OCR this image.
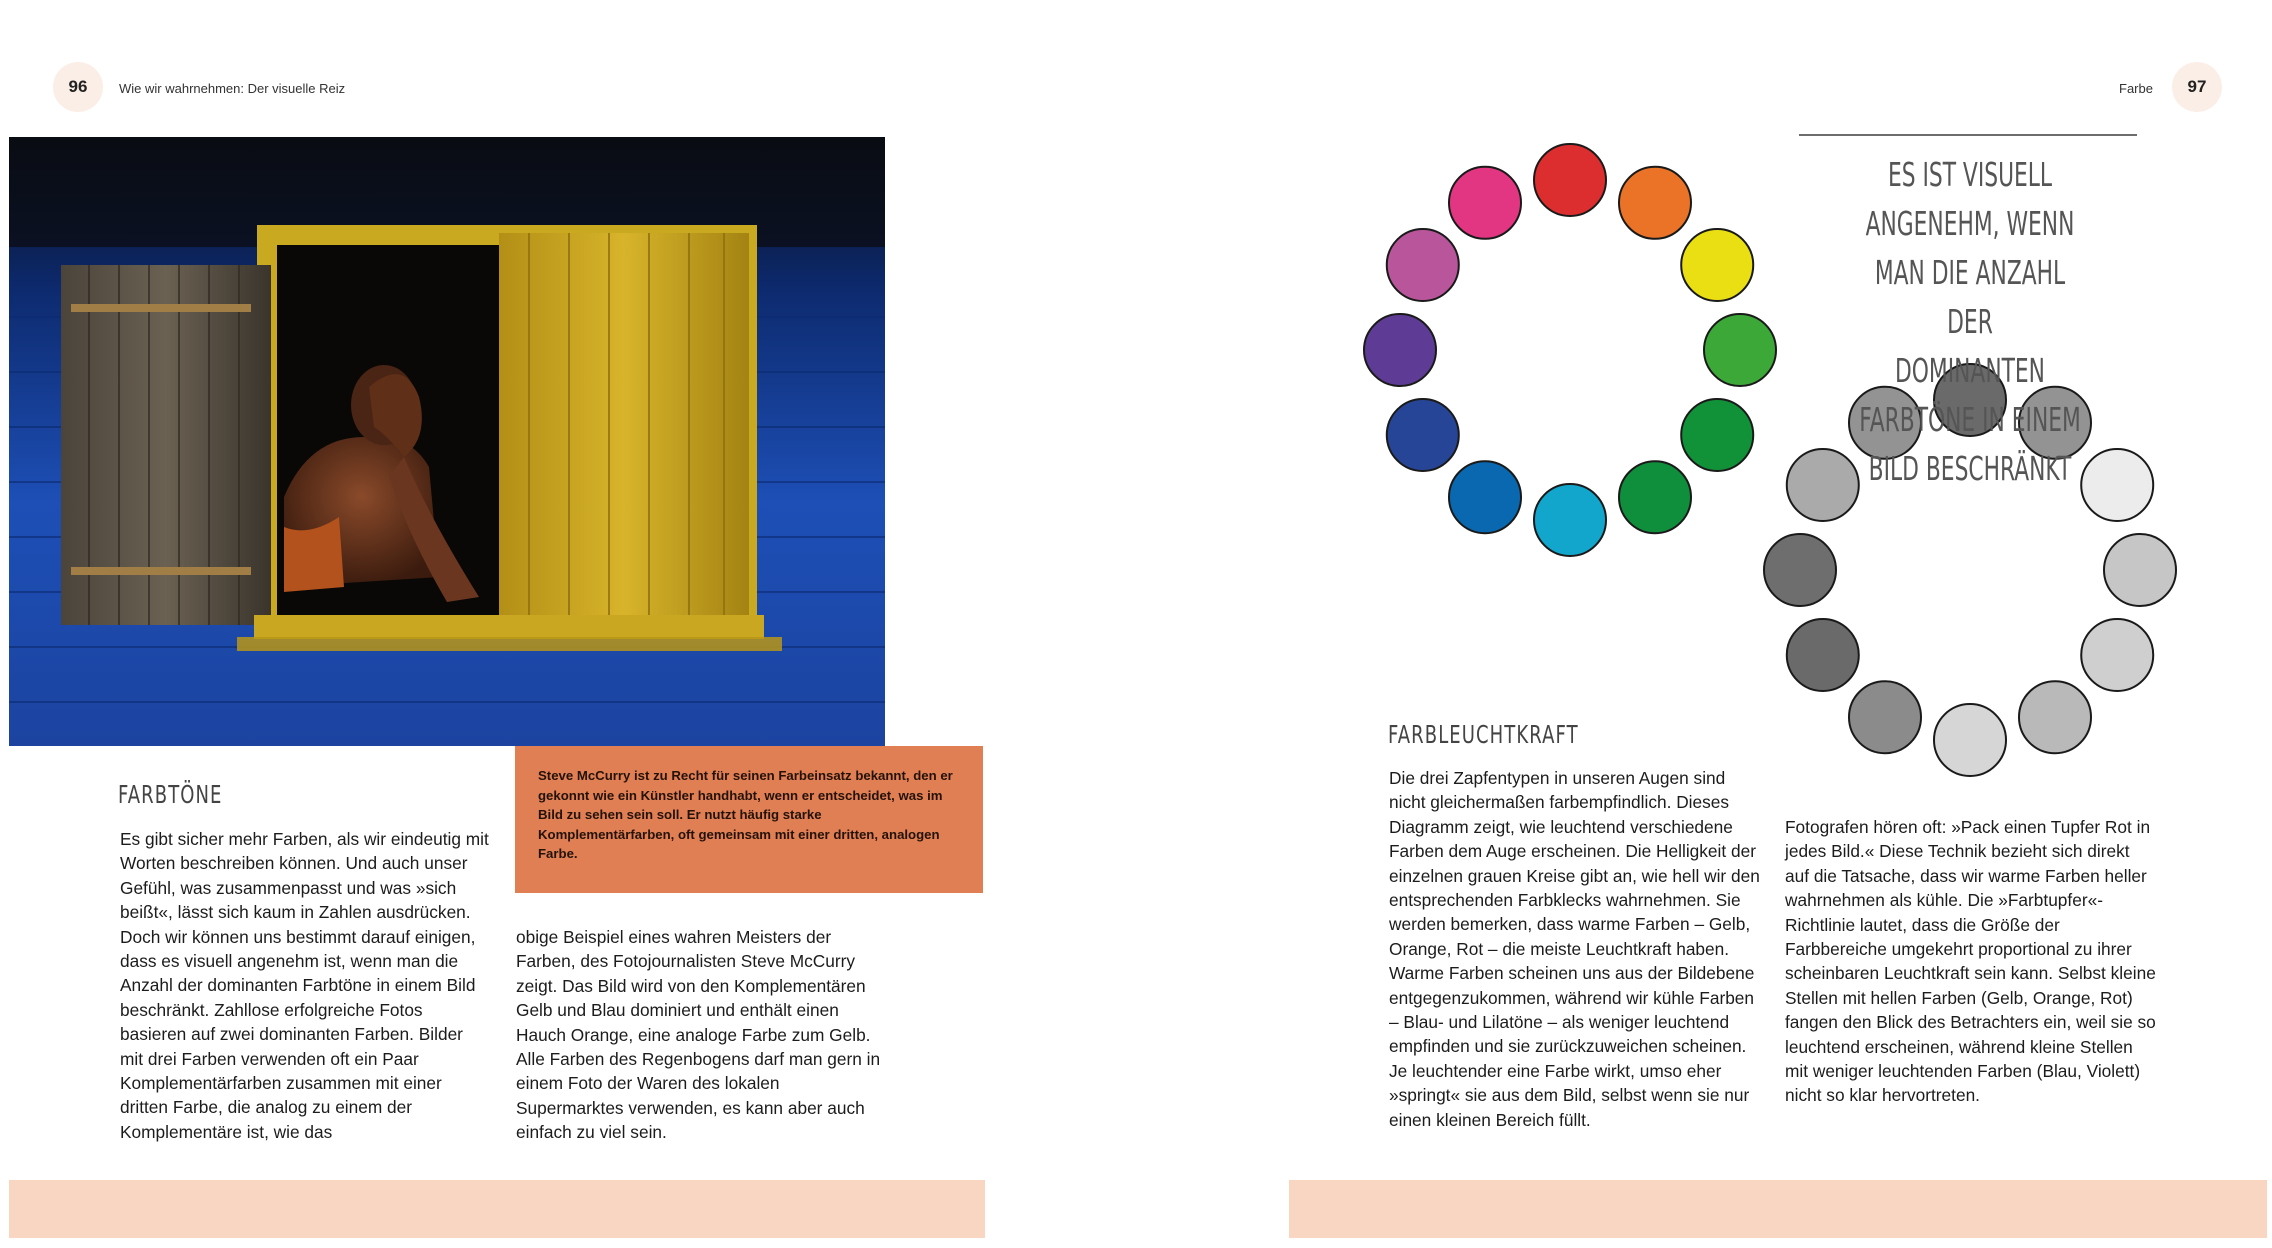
96	Wie wir wahrnehmen: Der visuelle Reiz
Steve McCurry ist zu Recht für seinen Farbeinsatz bekannt, den er gekonnt wie ein Künstler handhabt, wenn er entscheidet, was im Bild zu sehen sein soll. Er nutzt häufig starke Komplementärfarben, oft gemeinsam mit einer dritten, analogen Farbe.
FARBTÖNE

Es gibt sicher mehr Farben, als wir eindeutig mit Worten beschreiben können. Und auch unser Gefühl, was zusammenpasst und was »sich beißt«, lässt sich kaum in Zahlen ausdrücken. Doch wir können uns bestimmt darauf einigen, dass es visuell angenehm ist, wenn man die Anzahl der dominanten Farbtöne in einem Bild beschränkt. Zahllose erfolgreiche Fotos basieren auf zwei dominanten Farben. Bilder mit drei Farben verwenden oft ein Paar Komplementärfarben zusammen mit einer dritten Farbe, die analog zu einem der Komplementäre ist, wie das

obige Beispiel eines wahren Meisters der Farben, des Fotojournalisten Steve McCurry zeigt. Das Bild wird von den Komplementären Gelb und Blau dominiert und enthält einen Hauch Orange, eine analoge Farbe zum Gelb. Alle Farben des Regenbogens darf man gern in einem Foto der Waren des lokalen Supermarktes verwenden, es kann aber auch einfach zu viel sein.

Farbe	97
ES IST VISUELL ANGENEHM, WENN
MAN DIE ANZAHL DER
DOMINANTEN FARBTÖNE IN EINEM
BILD BESCHRÄNKT
FARBLEUCHTKRAFT

Die drei Zapfentypen in unseren Augen sind nicht gleichermaßen farbempfindlich. Dieses Diagramm zeigt, wie leuchtend verschiedene Farben dem Auge erscheinen. Die Helligkeit der einzelnen grauen Kreise gibt an, wie hell wir den entsprechenden Farbklecks wahrnehmen. Sie werden bemerken, dass warme Farben – Gelb, Orange, Rot – die meiste Leuchtkraft haben. Warme Farben scheinen uns aus der Bildebene entgegenzukommen, während wir kühle Farben – Blau- und Lilatöne – als weniger leuchtend empfinden und sie zurückzuweichen scheinen. Je leuchtender eine Farbe wirkt, umso eher »springt« sie aus dem Bild, selbst wenn sie nur einen kleinen Bereich füllt.

Fotografen hören oft: »Pack einen Tupfer Rot in jedes Bild.« Diese Technik bezieht sich direkt auf die Tatsache, dass wir warme Farben heller wahrnehmen als kühle. Die »Farbtupfer«-Richtlinie lautet, dass die Größe der Farbbereiche umgekehrt proportional zu ihrer scheinbaren Leuchtkraft sein kann. Selbst kleine Stellen mit hellen Farben (Gelb, Orange, Rot) fangen den Blick des Betrachters ein, weil sie so leuchtend erscheinen, während kleine Stellen mit weniger leuchtenden Farben (Blau, Violett) nicht so klar hervortreten.
